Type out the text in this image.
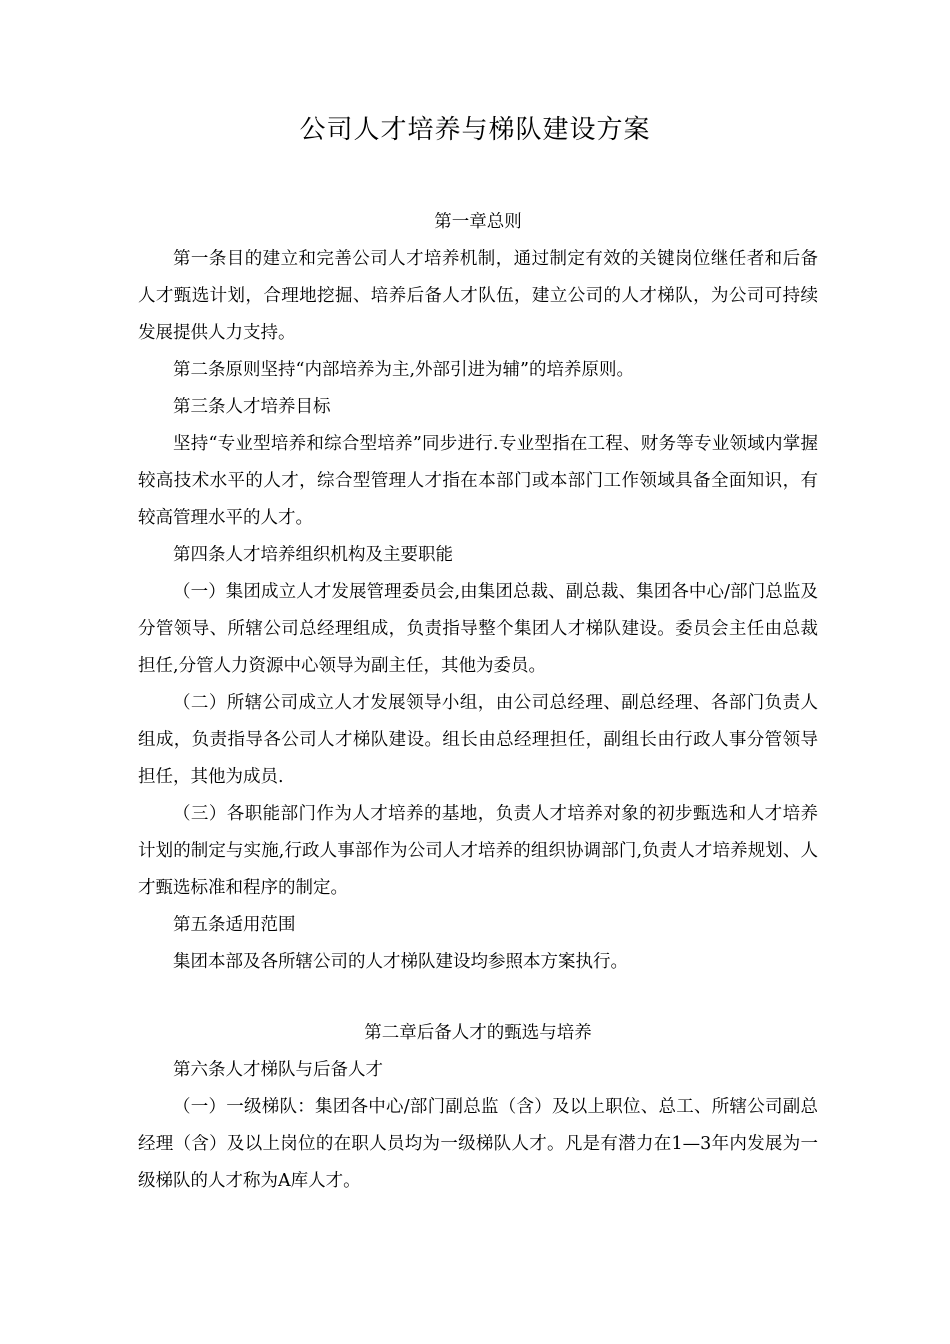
公司人才培养与梯队建设方案

第一章总则

第一条目的建立和完善公司人才培养机制，通过制定有效的关键岗位继任者和后备人才甄选计划，合理地挖掘、培养后备人才队伍，建立公司的人才梯队，为公司可持续发展提供人力支持。

第二条原则坚持“内部培养为主,外部引进为辅”的培养原则。

第三条人才培养目标

坚持“专业型培养和综合型培养”同步进行.专业型指在工程、财务等专业领域内掌握较高技术水平的人才，综合型管理人才指在本部门或本部门工作领域具备全面知识，有较高管理水平的人才。

第四条人才培养组织机构及主要职能

（一）集团成立人才发展管理委员会,由集团总裁、副总裁、集团各中心/部门总监及分管领导、所辖公司总经理组成，负责指导整个集团人才梯队建设。委员会主任由总裁担任,分管人力资源中心领导为副主任，其他为委员。

（二）所辖公司成立人才发展领导小组，由公司总经理、副总经理、各部门负责人组成，负责指导各公司人才梯队建设。组长由总经理担任，副组长由行政人事分管领导担任，其他为成员.

（三）各职能部门作为人才培养的基地，负责人才培养对象的初步甄选和人才培养计划的制定与实施,行政人事部作为公司人才培养的组织协调部门,负责人才培养规划、人才甄选标准和程序的制定。

第五条适用范围

集团本部及各所辖公司的人才梯队建设均参照本方案执行。

第二章后备人才的甄选与培养

第六条人才梯队与后备人才

（一）一级梯队：集团各中心/部门副总监（含）及以上职位、总工、所辖公司副总经理（含）及以上岗位的在职人员均为一级梯队人才。凡是有潜力在1—3年内发展为一级梯队的人才称为A库人才。
